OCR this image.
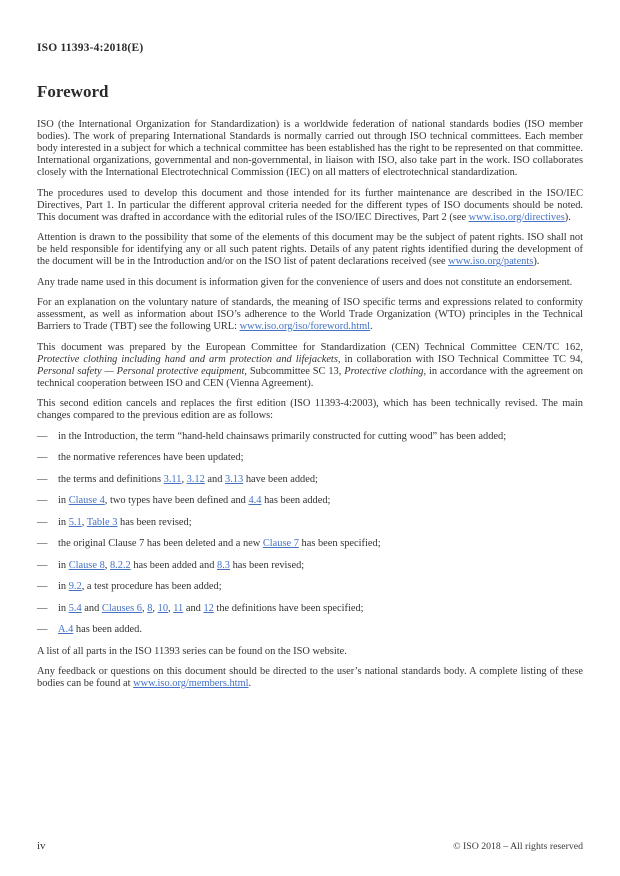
ISO 11393-4:2018(E)
Foreword

ISO (the International Organization for Standardization) is a worldwide federation of national standards bodies (ISO member bodies). The work of preparing International Standards is normally carried out through ISO technical committees. Each member body interested in a subject for which a technical committee has been established has the right to be represented on that committee. International organizations, governmental and non-governmental, in liaison with ISO, also take part in the work. ISO collaborates closely with the International Electrotechnical Commission (IEC) on all matters of electrotechnical standardization.

The procedures used to develop this document and those intended for its further maintenance are described in the ISO/IEC Directives, Part 1. In particular the different approval criteria needed for the different types of ISO documents should be noted. This document was drafted in accordance with the editorial rules of the ISO/IEC Directives, Part 2 (see www.iso.org/directives).

Attention is drawn to the possibility that some of the elements of this document may be the subject of patent rights. ISO shall not be held responsible for identifying any or all such patent rights. Details of any patent rights identified during the development of the document will be in the Introduction and/or on the ISO list of patent declarations received (see www.iso.org/patents).

Any trade name used in this document is information given for the convenience of users and does not constitute an endorsement.

For an explanation on the voluntary nature of standards, the meaning of ISO specific terms and expressions related to conformity assessment, as well as information about ISO’s adherence to the World Trade Organization (WTO) principles in the Technical Barriers to Trade (TBT) see the following URL: www.iso.org/iso/foreword.html.

This document was prepared by the European Committee for Standardization (CEN) Technical Committee CEN/TC 162, Protective clothing including hand and arm protection and lifejackets, in collaboration with ISO Technical Committee TC 94, Personal safety — Personal protective equipment, Subcommittee SC 13, Protective clothing, in accordance with the agreement on technical cooperation between ISO and CEN (Vienna Agreement).

This second edition cancels and replaces the first edition (ISO 11393-4:2003), which has been technically revised. The main changes compared to the previous edition are as follows:

—	in the Introduction, the term “hand-held chainsaws primarily constructed for cutting wood” has been added;
—	the normative references have been updated;
—	the terms and definitions 3.11, 3.12 and 3.13 have been added;
—	in Clause 4, two types have been defined and 4.4 has been added;
—	in 5.1, Table 3 has been revised;
—	the original Clause 7 has been deleted and a new Clause 7 has been specified;
—	in Clause 8, 8.2.2 has been added and 8.3 has been revised;
—	in 9.2, a test procedure has been added;
—	in 5.4 and Clauses 6, 8, 10, 11 and 12 the definitions have been specified;
—	A.4 has been added.

A list of all parts in the ISO 11393 series can be found on the ISO website.

Any feedback or questions on this document should be directed to the user’s national standards body. A complete listing of these bodies can be found at www.iso.org/members.html.

iv	© ISO 2018 – All rights reserved
